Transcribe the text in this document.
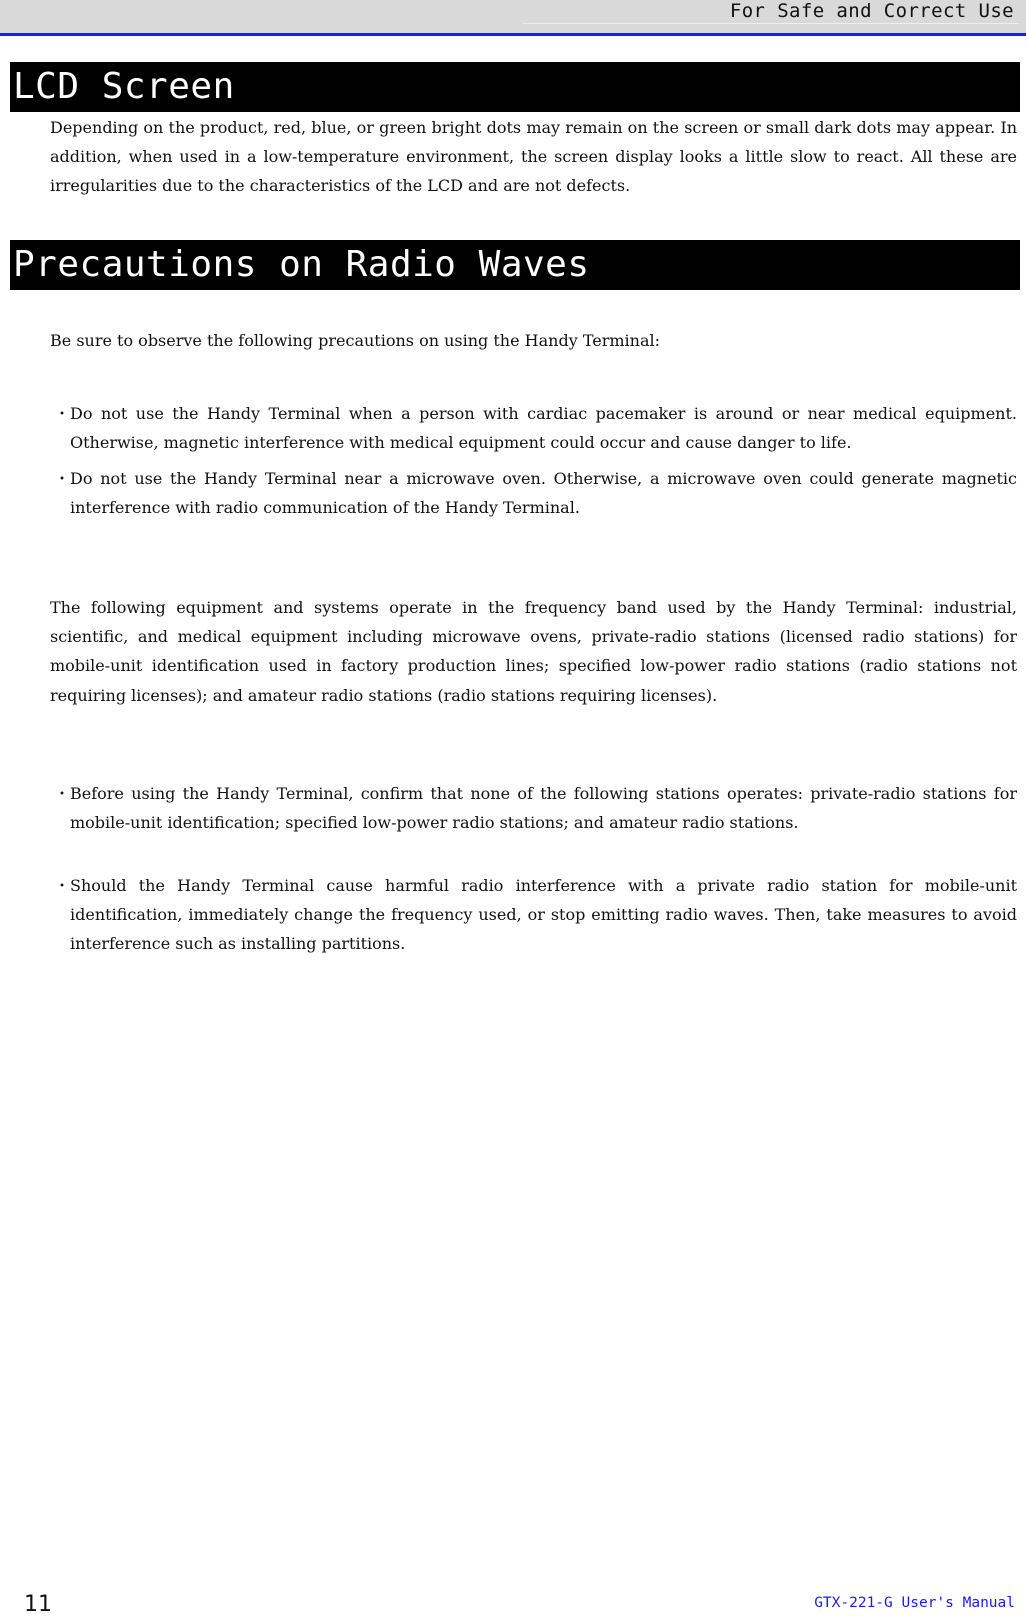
For Safe and Correct Use
LCD Screen
Depending on the product, red, blue, or green bright dots may remain on the screen or small dark dots may appear. In addition, when used in a low-temperature environment, the screen display looks a little slow to react. All these are irregularities due to the characteristics of the LCD and are not defects.
Precautions on Radio Waves
Be sure to observe the following precautions on using the Handy Terminal:
・ Do not use the Handy Terminal when a person with cardiac pacemaker is around or near medical equipment. Otherwise, magnetic interference with medical equipment could occur and cause danger to life.
・ Do not use the Handy Terminal near a microwave oven. Otherwise, a microwave oven could generate magnetic interference with radio communication of the Handy Terminal.
The following equipment and systems operate in the frequency band used by the Handy Terminal: industrial, scientific, and medical equipment including microwave ovens, private-radio stations (licensed radio stations) for mobile-unit identification used in factory production lines; specified low-power radio stations (radio stations not requiring licenses); and amateur radio stations (radio stations requiring licenses).
・ Before using the Handy Terminal, confirm that none of the following stations operates: private-radio stations for mobile-unit identification; specified low-power radio stations; and amateur radio stations.
・ Should the Handy Terminal cause harmful radio interference with a private radio station for mobile-unit identification, immediately change the frequency used, or stop emitting radio waves. Then, take measures to avoid interference such as installing partitions.
11	GTX-221-G User's Manual
